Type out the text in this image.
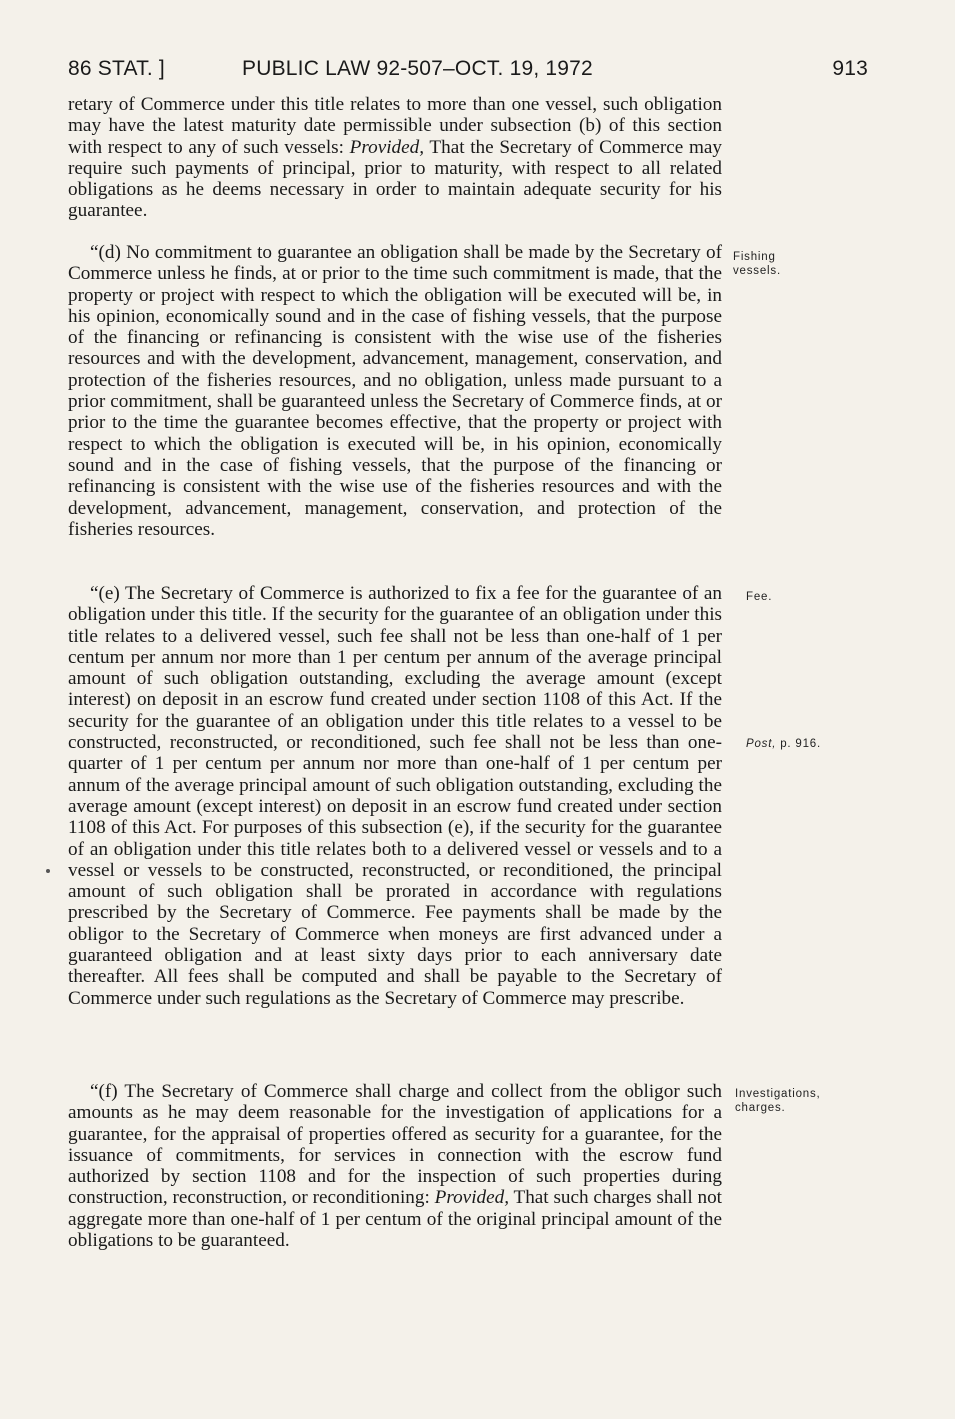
86 STAT. ]	PUBLIC LAW 92-507–OCT. 19, 1972	913

retary of Commerce under this title relates to more than one vessel, such obligation may have the latest maturity date permissible under subsection (b) of this section with respect to any of such vessels: Provided, That the Secretary of Commerce may require such payments of principal, prior to maturity, with respect to all related obligations as he deems necessary in order to maintain adequate security for his guarantee.

“(d) No commitment to guarantee an obligation shall be made by the Secretary of Commerce unless he finds, at or prior to the time such commitment is made, that the property or project with respect to which the obligation will be executed will be, in his opinion, economically sound and in the case of fishing vessels, that the purpose of the financing or refinancing is consistent with the wise use of the fisheries resources and with the development, advancement, management, conservation, and protection of the fisheries resources, and no obligation, unless made pursuant to a prior commitment, shall be guaranteed unless the Secretary of Commerce finds, at or prior to the time the guarantee becomes effective, that the property or project with respect to which the obligation is executed will be, in his opinion, economically sound and in the case of fishing vessels, that the purpose of the financing or refinancing is consistent with the wise use of the fisheries resources and with the development, advancement, management, conservation, and protection of the fisheries resources.

“(e) The Secretary of Commerce is authorized to fix a fee for the guarantee of an obligation under this title. If the security for the guarantee of an obligation under this title relates to a delivered vessel, such fee shall not be less than one-half of 1 per centum per annum nor more than 1 per centum per annum of the average principal amount of such obligation outstanding, excluding the average amount (except interest) on deposit in an escrow fund created under section 1108 of this Act. If the security for the guarantee of an obligation under this title relates to a vessel to be constructed, reconstructed, or reconditioned, such fee shall not be less than one-quarter of 1 per centum per annum nor more than one-half of 1 per centum per annum of the average principal amount of such obligation outstanding, excluding the average amount (except interest) on deposit in an escrow fund created under section 1108 of this Act. For purposes of this subsection (e), if the security for the guarantee of an obligation under this title relates both to a delivered vessel or vessels and to a vessel or vessels to be constructed, reconstructed, or reconditioned, the principal amount of such obligation shall be prorated in accordance with regulations prescribed by the Secretary of Commerce. Fee payments shall be made by the obligor to the Secretary of Commerce when moneys are first advanced under a guaranteed obligation and at least sixty days prior to each anniversary date thereafter. All fees shall be computed and shall be payable to the Secretary of Commerce under such regulations as the Secretary of Commerce may prescribe.

“(f) The Secretary of Commerce shall charge and collect from the obligor such amounts as he may deem reasonable for the investigation of applications for a guarantee, for the appraisal of properties offered as security for a guarantee, for the issuance of commitments, for services in connection with the escrow fund authorized by section 1108 and for the inspection of such properties during construction, reconstruction, or reconditioning: Provided, That such charges shall not aggregate more than one-half of 1 per centum of the original principal amount of the obligations to be guaranteed.

Fishing vessels.
Fee.
Post, p. 916.
Investigations, charges.
